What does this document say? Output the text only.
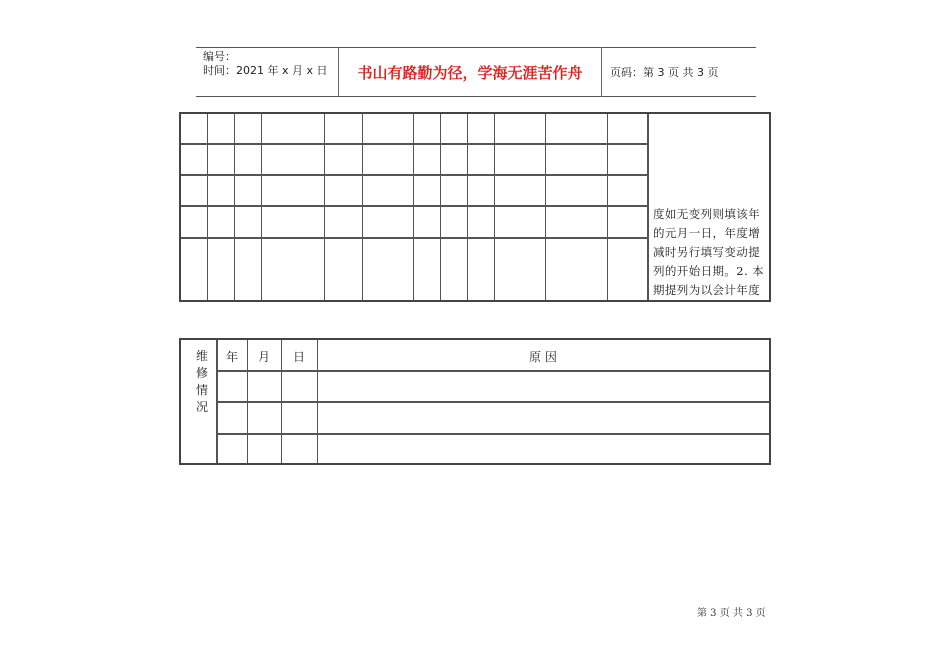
编号：
时间：2021 年 x 月 x 日	书山有路勤为径，学海无涯苦作舟	页码：第 3 页 共 3 页
度如无变列则填该年
的元月一日，年度增
减时另行填写变动提
列的开始日期。2. 本
期提列为以会计年度
维
修
情
况
年 月 日	原 因
第 3 页 共 3 页
